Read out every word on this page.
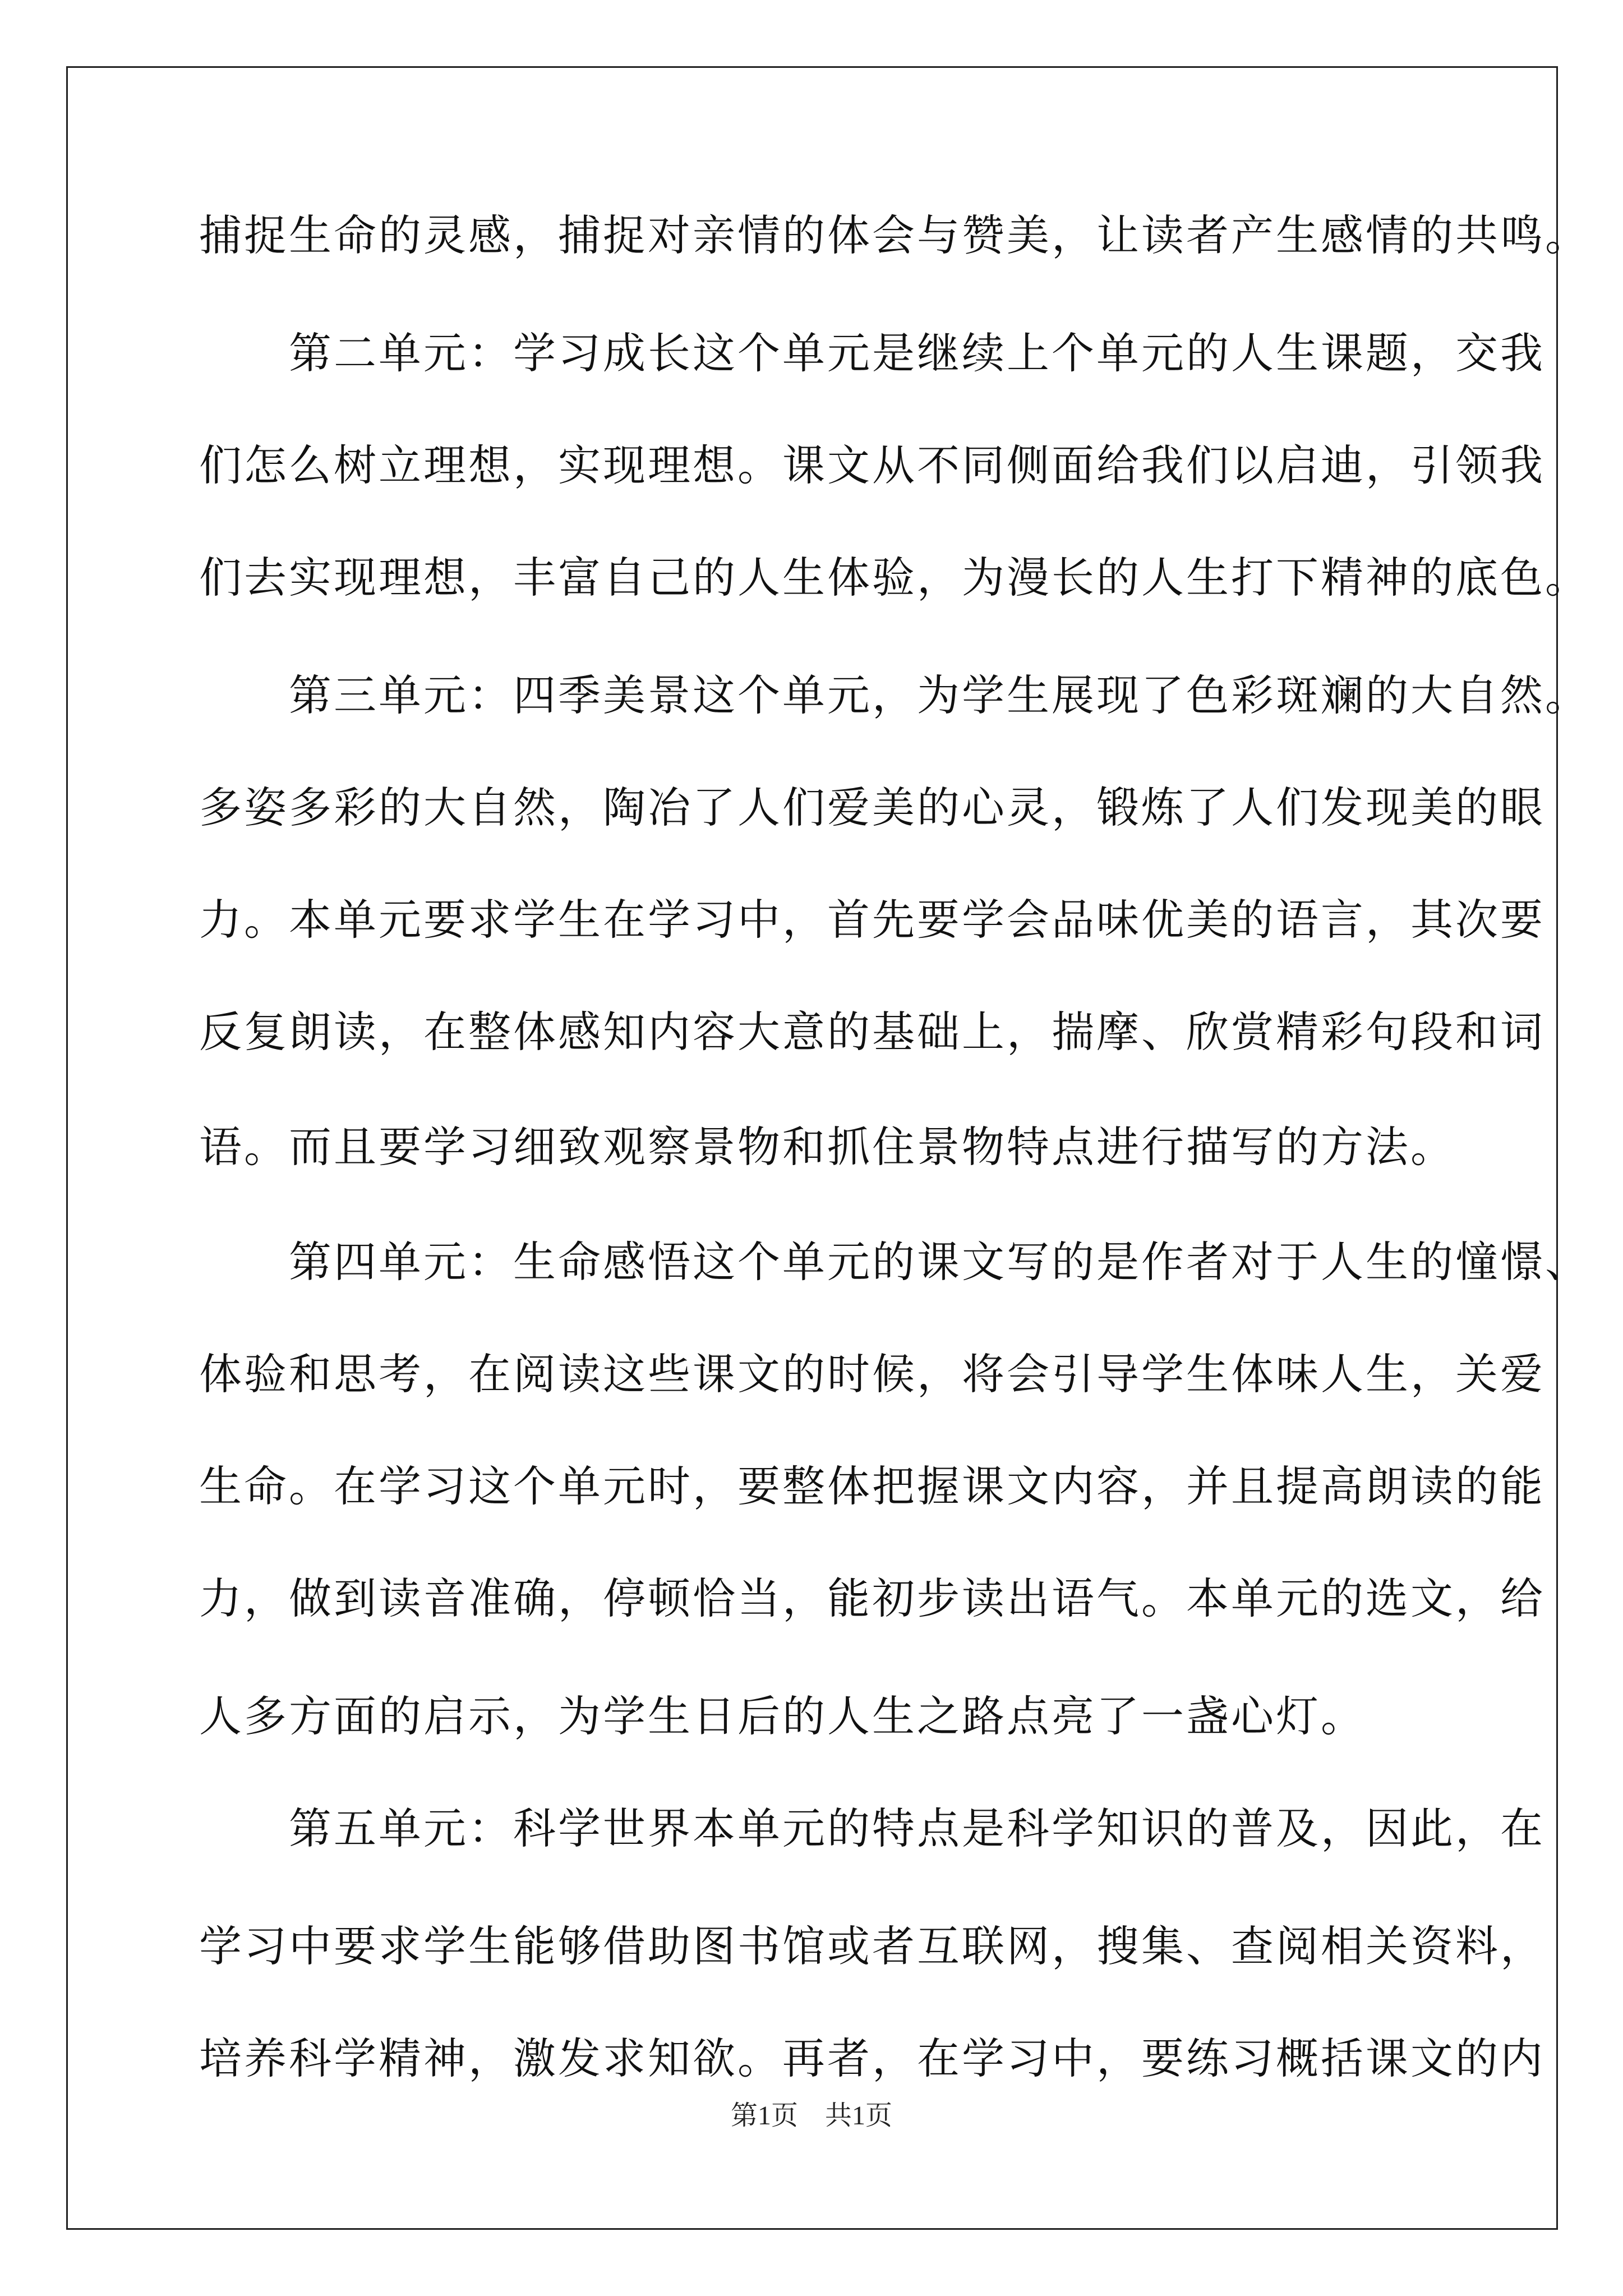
捕捉生命的灵感，捕捉对亲情的体会与赞美，让读者产生感情的共鸣。
　　第二单元：学习成长这个单元是继续上个单元的人生课题，交我
们怎么树立理想，实现理想。课文从不同侧面给我们以启迪，引领我
们去实现理想，丰富自己的人生体验，为漫长的人生打下精神的底色。
　　第三单元：四季美景这个单元，为学生展现了色彩斑斓的大自然。
多姿多彩的大自然，陶冶了人们爱美的心灵，锻炼了人们发现美的眼
力。本单元要求学生在学习中，首先要学会品味优美的语言，其次要
反复朗读，在整体感知内容大意的基础上，揣摩、欣赏精彩句段和词
语。而且要学习细致观察景物和抓住景物特点进行描写的方法。
　　第四单元：生命感悟这个单元的课文写的是作者对于人生的憧憬、
体验和思考，在阅读这些课文的时候，将会引导学生体味人生，关爱
生命。在学习这个单元时，要整体把握课文内容，并且提高朗读的能
力，做到读音准确，停顿恰当，能初步读出语气。本单元的选文，给
人多方面的启示，为学生日后的人生之路点亮了一盏心灯。
　　第五单元：科学世界本单元的特点是科学知识的普及，因此，在
学习中要求学生能够借助图书馆或者互联网，搜集、查阅相关资料，
培养科学精神，激发求知欲。再者，在学习中，要练习概括课文的内
第1页　共1页
